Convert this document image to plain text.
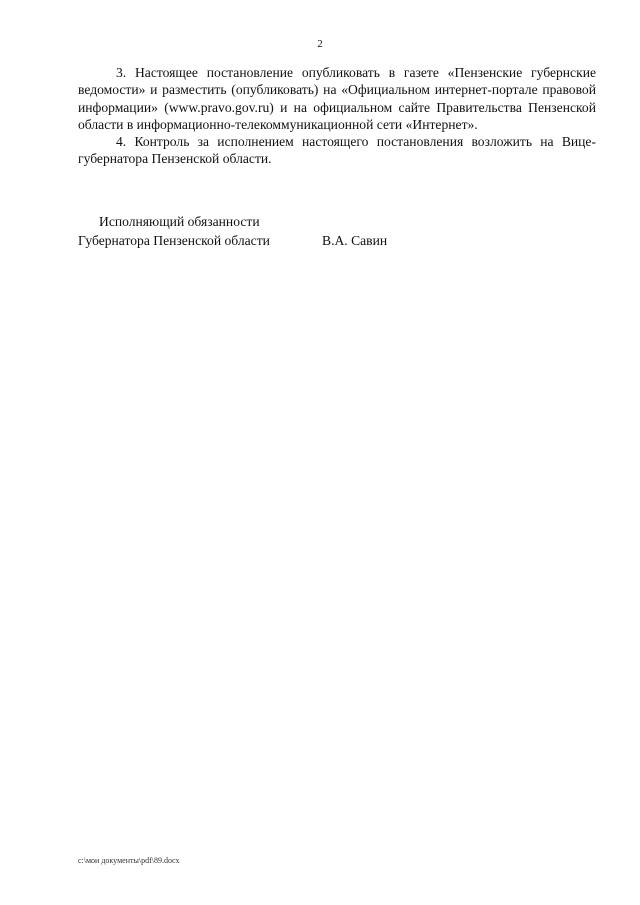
2

3. Настоящее постановление опубликовать в газете «Пензенские губернские ведомости» и разместить (опубликовать) на «Официальном интернет-портале правовой информации» (www.pravo.gov.ru) и на официальном сайте Правительства Пензенской области в информационно-телекоммуникационной сети «Интернет».

4. Контроль за исполнением настоящего постановления возложить на Вице-губернатора Пензенской области.

Исполняющий обязанности
Губернатора Пензенской области	В.А. Савин
c:\мои документы\pdf\89.docx
